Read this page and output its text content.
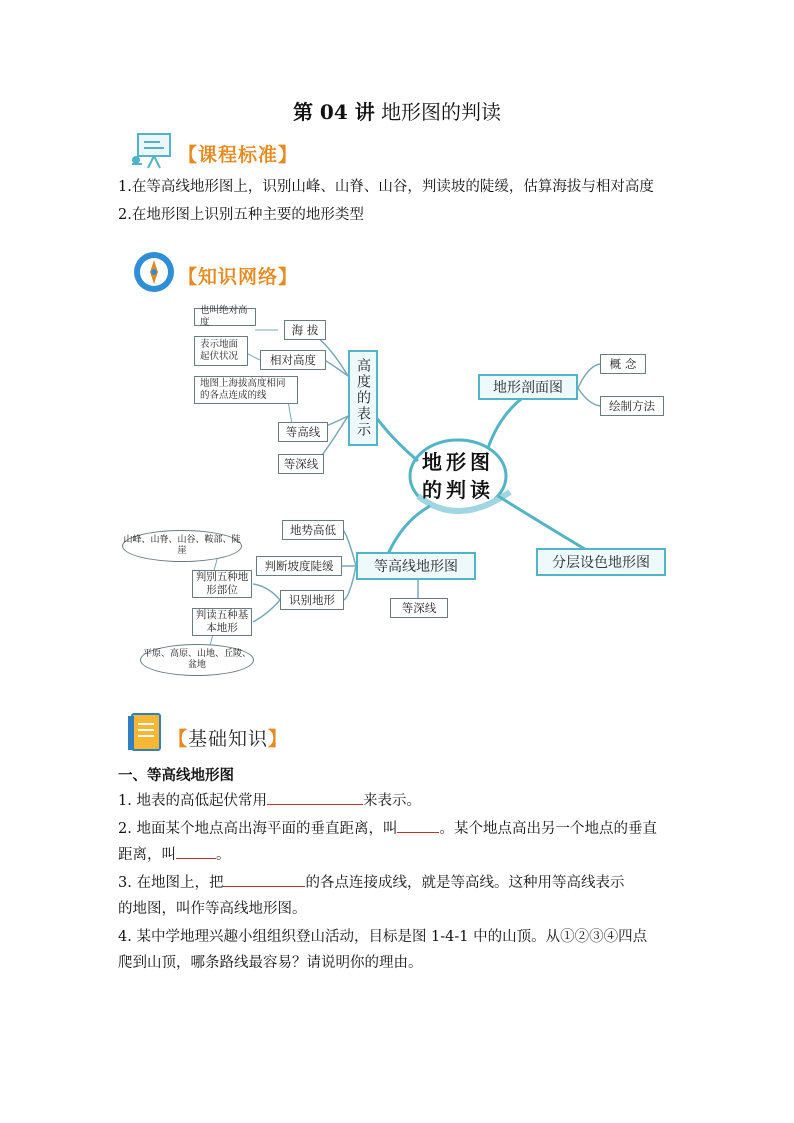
第 04 讲 地形图的判读
【课程标准】
1.在等高线地形图上，识别山峰、山脊、山谷，判读坡的陡缓，估算海拔与相对高度
2.在地形图上识别五种主要的地形类型
【知识网络】
地形图
的判读
高度的表示
海 拔
相对高度
等高线
等深线
也叫绝对高度
表示地面起伏状况
地图上海拔高度相同的各点连成的线	地形剖面图
概 念
绘制方法
分层设色地形图
等高线地形图
地势高低
判断坡度陡缓
识别地形
等深线
判别五种地形部位
判读五种基本地形
山峰、山脊、山谷、鞍部、陡崖
平原、高原、山地、丘陵、盆地
【基础知识】
一、等高线地形图
1. 地表的高低起伏常用	来表示。
2. 地面某个地点高出海平面的垂直距离，叫	。某个地点高出另一个地点的垂直
距离，叫	。
3. 在地图上，把	的各点连接成线，就是等高线。这种用等高线表示
的地图，叫作等高线地形图。
4. 某中学地理兴趣小组组织登山活动，目标是图 1-4-1 中的山顶。从①②③④四点
爬到山顶，哪条路线最容易？请说明你的理由。
